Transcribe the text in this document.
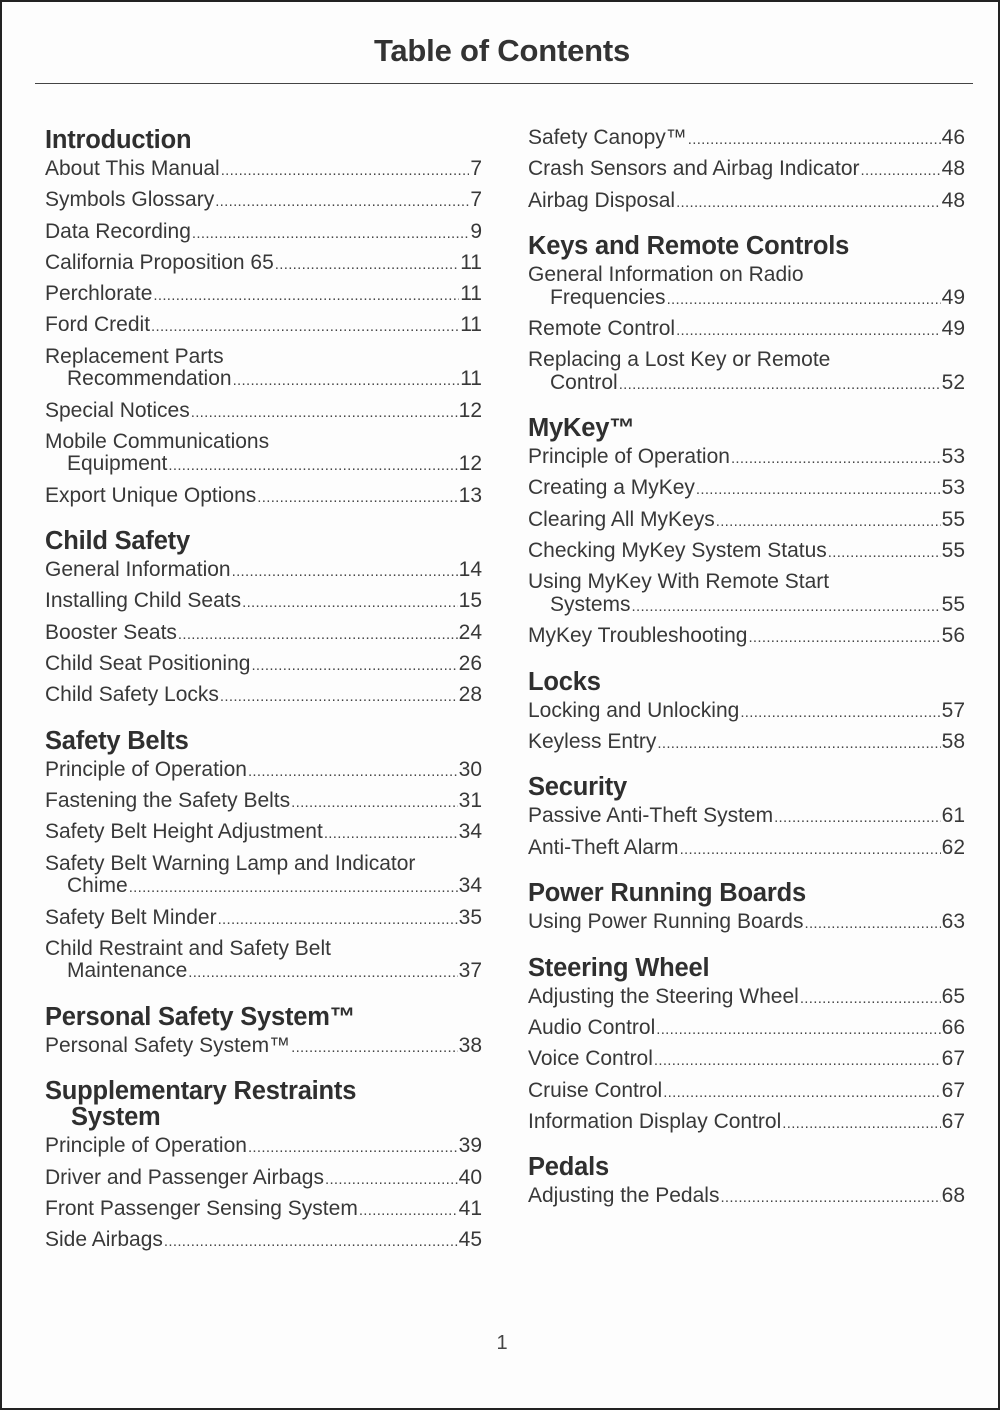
Table of Contents
Introduction
About This Manual .....	7
Symbols Glossary .....	7
Data Recording .....	9
California Proposition 65 .....	11
Perchlorate .....	11
Ford Credit .....	11
Replacement Parts
Recommendation .....	11
Special Notices .....	12
Mobile Communications
Equipment .....	12
Export Unique Options .....	13
Child Safety
General Information .....	14
Installing Child Seats .....	15
Booster Seats .....	24
Child Seat Positioning .....	26
Child Safety Locks .....	28
Safety Belts
Principle of Operation .....	30
Fastening the Safety Belts .....	31
Safety Belt Height Adjustment .....	34
Safety Belt Warning Lamp and Indicator
Chime .....	34
Safety Belt Minder .....	35
Child Restraint and Safety Belt
Maintenance .....	37
Personal Safety System™
Personal Safety System™ .....	38
Supplementary Restraints
System
Principle of Operation .....	39
Driver and Passenger Airbags .....	40
Front Passenger Sensing System .....	41
Side Airbags .....	45
Safety Canopy™ .....	46
Crash Sensors and Airbag Indicator .....	48
Airbag Disposal .....	48
Keys and Remote Controls
General Information on Radio
Frequencies .....	49
Remote Control .....	49
Replacing a Lost Key or Remote
Control .....	52
MyKey™
Principle of Operation .....	53
Creating a MyKey .....	53
Clearing All MyKeys .....	55
Checking MyKey System Status .....	55
Using MyKey With Remote Start
Systems .....	55
MyKey Troubleshooting .....	56
Locks
Locking and Unlocking .....	57
Keyless Entry .....	58
Security
Passive Anti-Theft System .....	61
Anti-Theft Alarm .....	62
Power Running Boards
Using Power Running Boards .....	63
Steering Wheel
Adjusting the Steering Wheel .....	65
Audio Control .....	66
Voice Control .....	67
Cruise Control .....	67
Information Display Control .....	67
Pedals
Adjusting the Pedals .....	68
1
